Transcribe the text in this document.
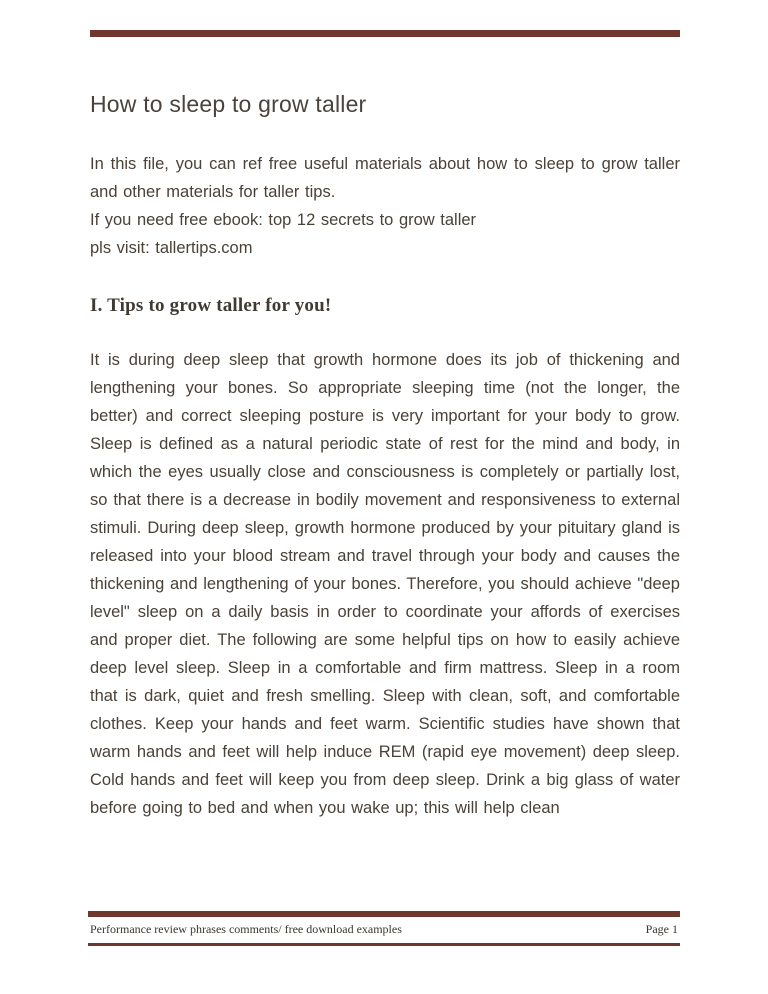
How to sleep to grow taller

In this file, you can ref free useful materials about how to sleep to grow taller and other materials for taller tips.

If you need free ebook: top 12 secrets to grow taller

pls visit: tallertips.com

I. Tips to grow taller for you!

It is during deep sleep that growth hormone does its job of thickening and lengthening your bones. So appropriate sleeping time (not the longer, the better) and correct sleeping posture is very important for your body to grow. Sleep is defined as a natural periodic state of rest for the mind and body, in which the eyes usually close and consciousness is completely or partially lost, so that there is a decrease in bodily movement and responsiveness to external stimuli. During deep sleep, growth hormone produced by your pituitary gland is released into your blood stream and travel through your body and causes the thickening and lengthening of your bones. Therefore, you should achieve "deep level" sleep on a daily basis in order to coordinate your affords of exercises and proper diet. The following are some helpful tips on how to easily achieve deep level sleep. Sleep in a comfortable and firm mattress. Sleep in a room that is dark, quiet and fresh smelling. Sleep with clean, soft, and comfortable clothes. Keep your hands and feet warm. Scientific studies have shown that warm hands and feet will help induce REM (rapid eye movement) deep sleep. Cold hands and feet will keep you from deep sleep. Drink a big glass of water before going to bed and when you wake up; this will help clean

Performance review phrases comments/ free download examples	Page 1
